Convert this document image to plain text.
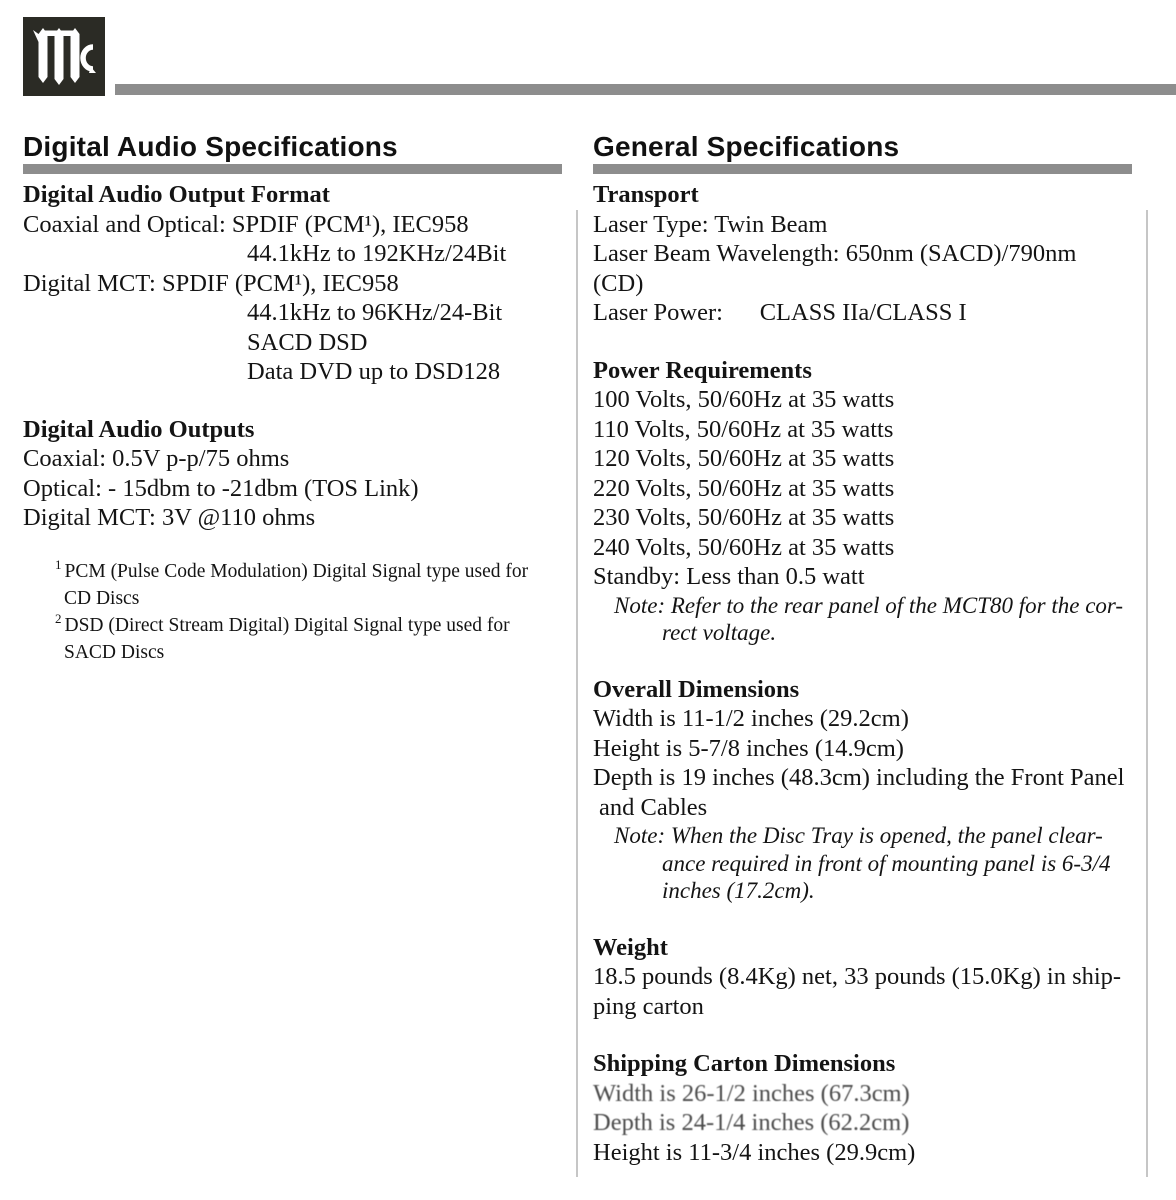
Digital Audio Specifications
Digital Audio Output Format
Coaxial and Optical: SPDIF (PCM¹), IEC958
44.1kHz to 192KHz/24Bit
Digital MCT: SPDIF (PCM¹), IEC958
44.1kHz to 96KHz/24-Bit
SACD DSD
Data DVD up to DSD128
Digital Audio Outputs
Coaxial: 0.5V p-p/75 ohms
Optical: - 15dbm to -21dbm (TOS Link)
Digital MCT: 3V @110 ohms
$^1$ PCM (Pulse Code Modulation) Digital Signal type used for
CD Discs
$^2$ DSD (Direct Stream Digital) Digital Signal type used for
SACD Discs
General Specifications
Transport
Laser Type: Twin Beam
Laser Beam Wavelength: 650nm (SACD)/790nm (CD)
Laser Power:      CLASS IIa/CLASS I
Power Requirements
100 Volts, 50/60Hz at 35 watts
110 Volts, 50/60Hz at 35 watts
120 Volts, 50/60Hz at 35 watts
220 Volts, 50/60Hz at 35 watts
230 Volts, 50/60Hz at 35 watts
240 Volts, 50/60Hz at 35 watts
Standby: Less than 0.5 watt
Note: Refer to the rear panel of the MCT80 for the cor-
rect voltage.
Overall Dimensions
Width is 11-1/2 inches (29.2cm)
Height is 5-7/8 inches (14.9cm)
Depth is 19 inches (48.3cm) including the Front Panel
and Cables
Note: When the Disc Tray is opened, the panel clear-
ance required in front of mounting panel is 6-3/4
inches (17.2cm).
Weight
18.5 pounds (8.4Kg) net, 33 pounds (15.0Kg) in ship-
ping carton
Shipping Carton Dimensions
Width is 26-1/2 inches (67.3cm)
Depth is 24-1/4 inches (62.2cm)
Height is 11-3/4 inches (29.9cm)
